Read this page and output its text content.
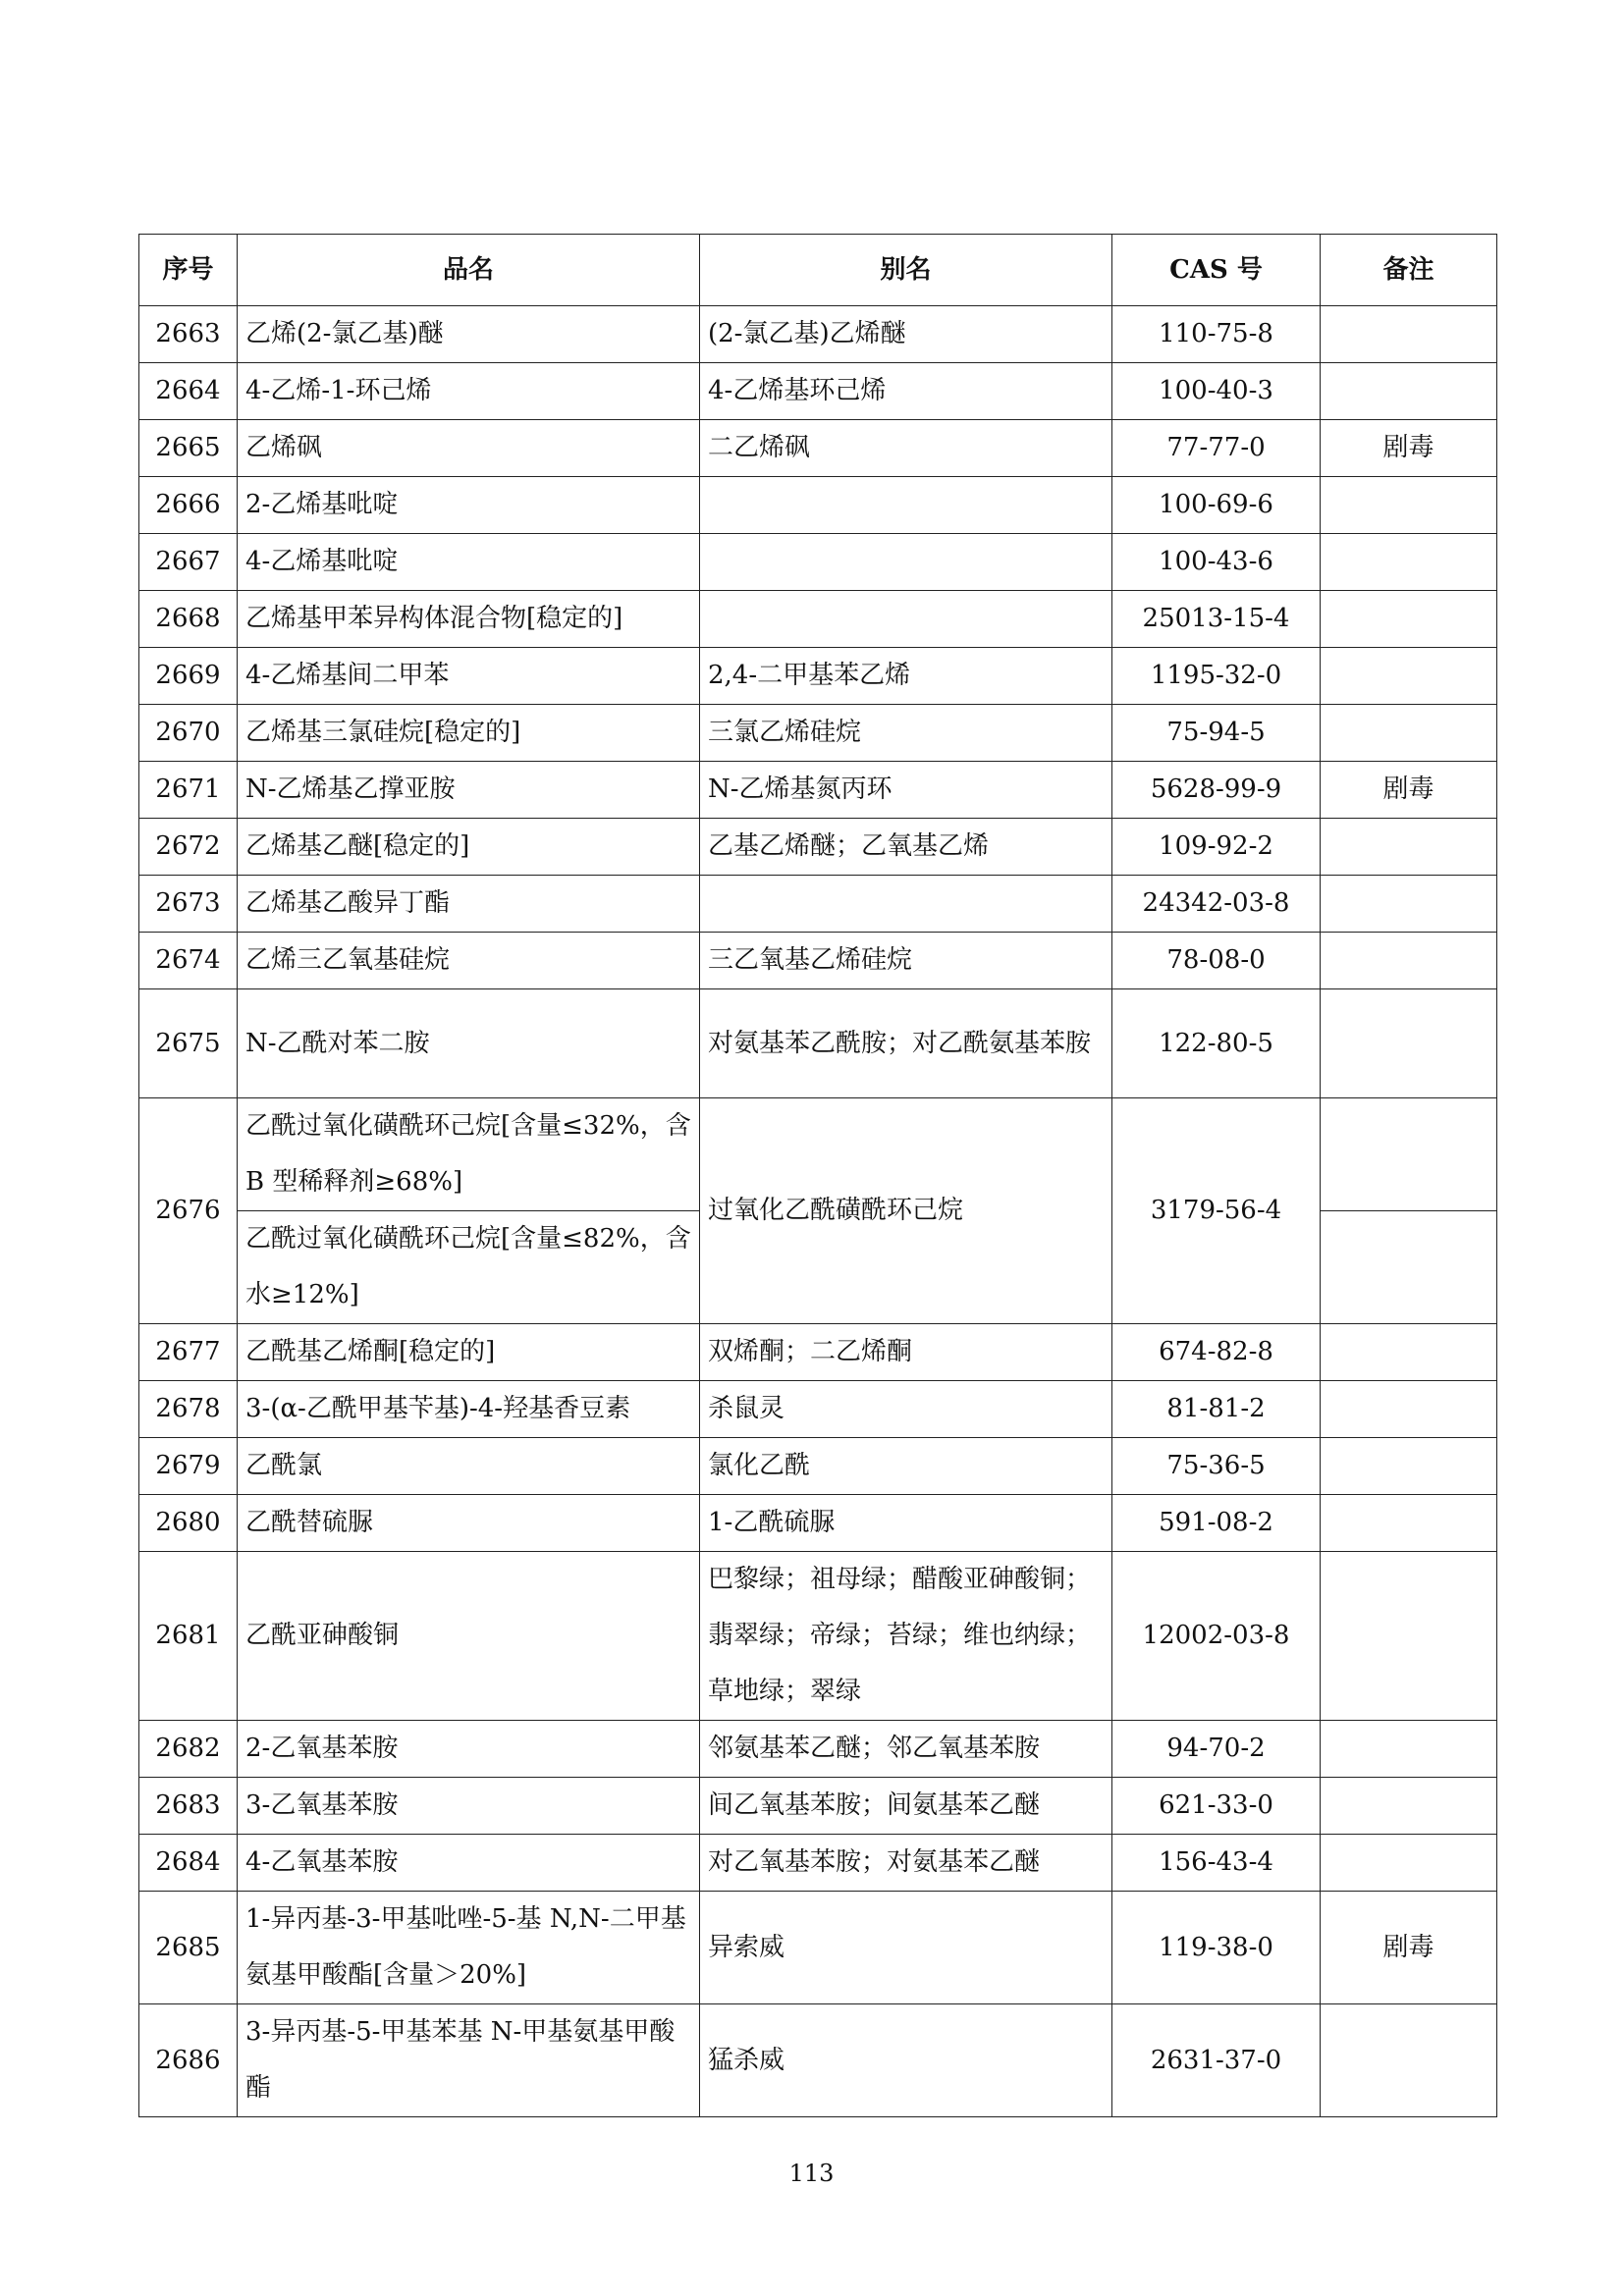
序号	品名	别名	CAS 号	备注
2663	乙烯(2-氯乙基)醚	(2-氯乙基)乙烯醚	110-75-8	
2664	4-乙烯-1-环己烯	4-乙烯基环己烯	100-40-3	
2665	乙烯砜	二乙烯砜	77-77-0	剧毒
2666	2-乙烯基吡啶		100-69-6	
2667	4-乙烯基吡啶		100-43-6	
2668	乙烯基甲苯异构体混合物[稳定的]		25013-15-4	
2669	4-乙烯基间二甲苯	2,4-二甲基苯乙烯	1195-32-0	
2670	乙烯基三氯硅烷[稳定的]	三氯乙烯硅烷	75-94-5	
2671	N-乙烯基乙撑亚胺	N-乙烯基氮丙环	5628-99-9	剧毒
2672	乙烯基乙醚[稳定的]	乙基乙烯醚；乙氧基乙烯	109-92-2	
2673	乙烯基乙酸异丁酯		24342-03-8	
2674	乙烯三乙氧基硅烷	三乙氧基乙烯硅烷	78-08-0	
2675	N-乙酰对苯二胺	对氨基苯乙酰胺；对乙酰氨基苯胺	122-80-5	
2676	乙酰过氧化磺酰环己烷[含量≤32%，含 B 型稀释剂≥68%]	过氧化乙酰磺酰环己烷	3179-56-4	
	乙酰过氧化磺酰环己烷[含量≤82%，含水≥12%]			
2677	乙酰基乙烯酮[稳定的]	双烯酮；二乙烯酮	674-82-8	
2678	3-(α-乙酰甲基苄基)-4-羟基香豆素	杀鼠灵	81-81-2	
2679	乙酰氯	氯化乙酰	75-36-5	
2680	乙酰替硫脲	1-乙酰硫脲	591-08-2	
2681	乙酰亚砷酸铜	巴黎绿；祖母绿；醋酸亚砷酸铜；翡翠绿；帝绿；苔绿；维也纳绿；草地绿；翠绿	12002-03-8	
2682	2-乙氧基苯胺	邻氨基苯乙醚；邻乙氧基苯胺	94-70-2	
2683	3-乙氧基苯胺	间乙氧基苯胺；间氨基苯乙醚	621-33-0	
2684	4-乙氧基苯胺	对乙氧基苯胺；对氨基苯乙醚	156-43-4	
2685	1-异丙基-3-甲基吡唑-5-基 N,N-二甲基氨基甲酸酯[含量＞20%]	异索威	119-38-0	剧毒
2686	3-异丙基-5-甲基苯基 N-甲基氨基甲酸酯	猛杀威	2631-37-0	
113
